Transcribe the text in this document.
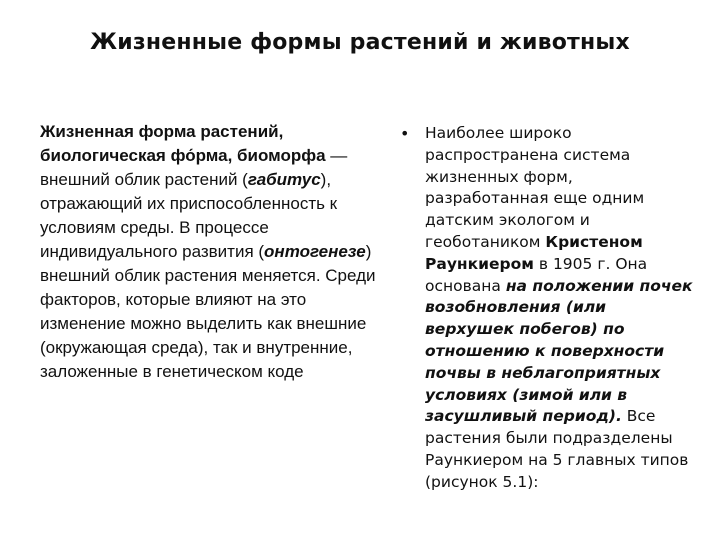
Жизненные формы растений и животных
Жизненная форма растений, биологическая фо́рма, биоморфа — внешний облик растений (габитус), отражающий их приспособленность к условиям среды. В процессе индивидуального развития (онтогенезе) внешний облик растения меняется. Среди факторов, которые влияют на это изменение можно выделить как внешние (окружающая среда), так и внутренние, заложенные в генетическом коде
• Наиболее широко распространена система жизненных форм, разработанная еще одним датским экологом и геоботаником Кристеном Раункиером в 1905 г. Она основана на положении почек возобновления (или верхушек побегов) по отношению к поверхности почвы в неблагоприятных условиях (зимой или в засушливый период). Все растения были подразделены Раункиером на 5 главных типов (рисунок 5.1):
